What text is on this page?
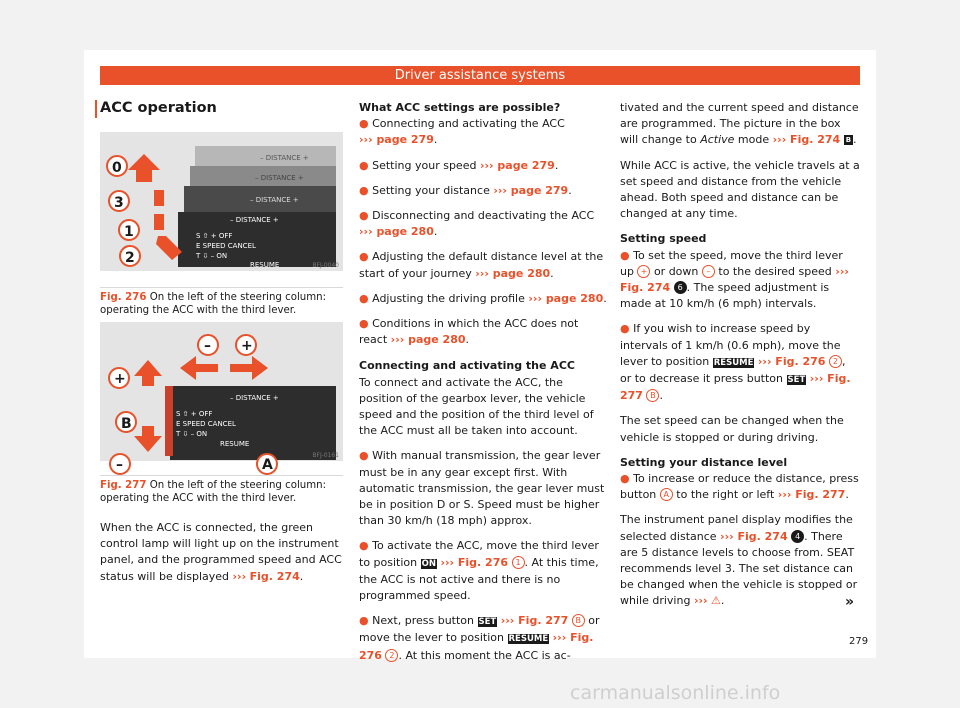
Driver assistance systems
ACC operation
– DISTANCE +
– DISTANCE +
– DISTANCE +
– DISTANCE +
S ⇧ + OFF
E SPEED CANCEL
T ⇩ – ON
RESUME
0
3
1
2	BFJ-0040
Fig. 276 On the left of the steering column: operating the ACC with the third lever.
– DISTANCE +
S ⇧ + OFF
E SPEED CANCEL
T ⇩ – ON
RESUME
– +
+
B
–	A
BFJ-0161
Fig. 277 On the left of the steering column: operating the ACC with the third lever.

When the ACC is connected, the green control lamp will light up on the instrument panel, and the programmed speed and ACC status will be displayed ››› Fig. 274.

What ACC settings are possible?

● Connecting and activating the ACC
››› page 279.

● Setting your speed ››› page 279.

● Setting your distance ››› page 279.

● Disconnecting and deactivating the ACC
››› page 280.

● Adjusting the default distance level at the start of your journey ››› page 280.

● Adjusting the driving profile ››› page 280.

● Conditions in which the ACC does not react ››› page 280.

Connecting and activating the ACC

To connect and activate the ACC, the position of the gearbox lever, the vehicle speed and the position of the third level of the ACC must all be taken into account.

● With manual transmission, the gear lever must be in any gear except first. With automatic transmission, the gear lever must be in position D or S. Speed must be higher than 30 km/h (18 mph) approx.

● To activate the ACC, move the third lever to position ON ››› Fig. 276 1 . At this time, the ACC is not active and there is no programmed speed.

● Next, press button SET ››› Fig. 277 B or move the lever to position RESUME ››› Fig. 276 2 . At this moment the ACC is ac-

tivated and the current speed and distance are programmed. The picture in the box will change to Active mode ››› Fig. 274 B .

While ACC is active, the vehicle travels at a set speed and distance from the vehicle ahead. Both speed and distance can be changed at any time.

Setting speed

● To set the speed, move the third lever up + or down – to the desired speed ››› Fig. 274 6 . The speed adjustment is made at 10 km/h (6 mph) intervals.

● If you wish to increase speed by intervals of 1 km/h (0.6 mph), move the lever to position RESUME ››› Fig. 276 2 , or to decrease it press button SET ››› Fig. 277 B .

The set speed can be changed when the vehicle is stopped or during driving.

Setting your distance level

● To increase or reduce the distance, press button A to the right or left ››› Fig. 277.

The instrument panel display modifies the selected distance ››› Fig. 274 4 . There are 5 distance levels to choose from. SEAT recommends level 3. The set distance can be changed when the vehicle is stopped or while driving ››› ⚠.	»
279
carmanualsonline.info
